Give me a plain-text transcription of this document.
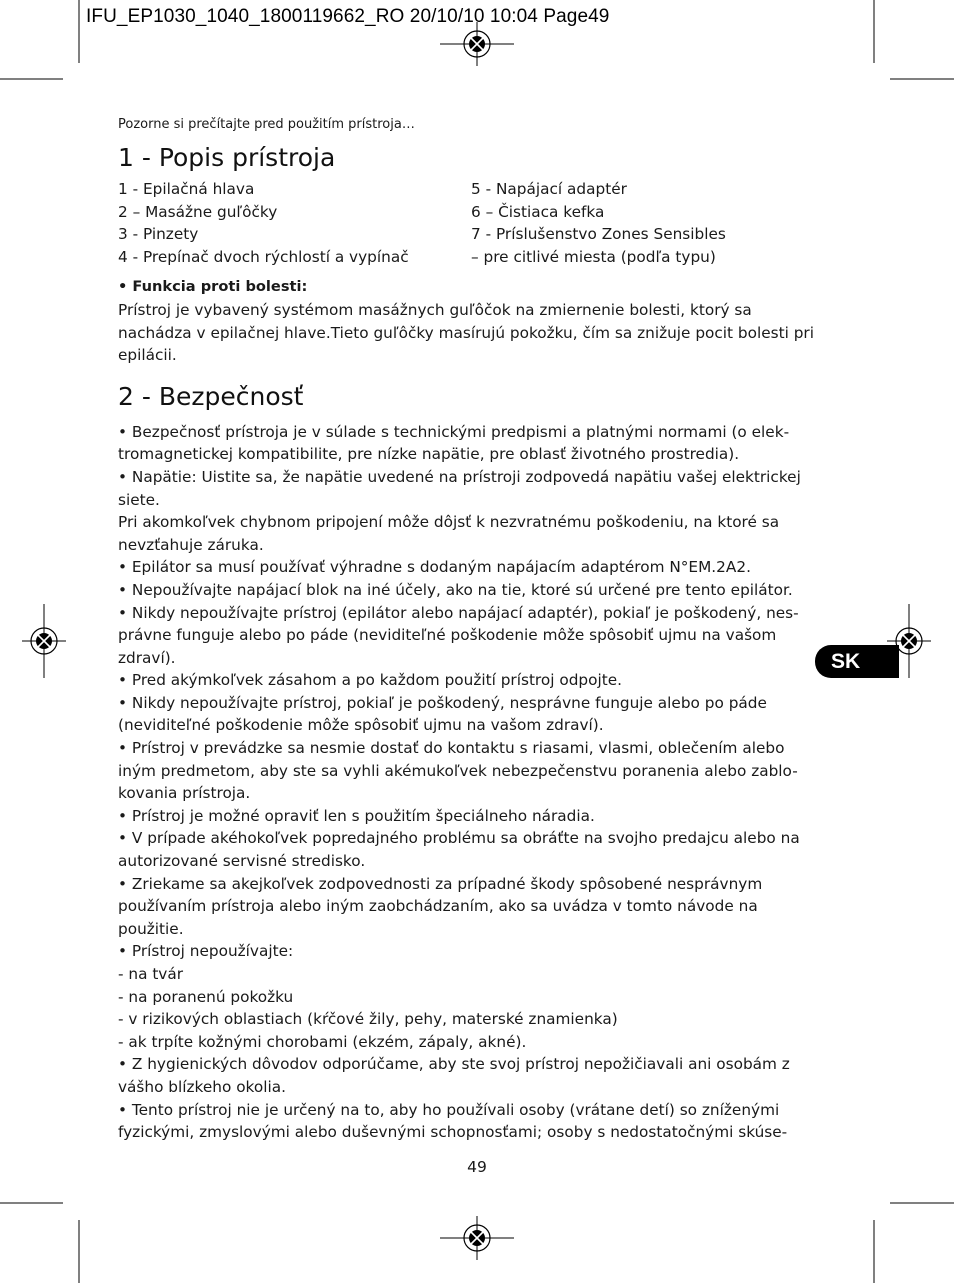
IFU_EP1030_1040_1800119662_RO 20/10/10 10:04 Page49
SK

Pozorne si prečítajte pred použitím prístroja…

1 - Popis prístroja
1 - Epilačná hlava	5 - Napájací adaptér
2 – Masážne guľôčky	6 – Čistiaca kefka
3 - Pinzety	7 - Príslušenstvo Zones Sensibles
4 - Prepínač dvoch rýchlostí a vypínač	– pre citlivé miesta (podľa typu)
• Funkcia proti bolesti:

Prístroj je vybavený systémom masážnych guľôčok na zmiernenie bolesti, ktorý sa nachádza v epilačnej hlave.Tieto guľôčky masírujú pokožku, čím sa znižuje pocit bolesti pri epilácii.

2 - Bezpečnosť

• Bezpečnosť prístroja je v súlade s technickými predpismi a platnými normami (o elek-tromagnetickej kompatibilite, pre nízke napätie, pre oblasť životného prostredia).

• Napätie: Uistite sa, že napätie uvedené na prístroji zodpovedá napätiu vašej elektrickej siete.

Pri akomkoľvek chybnom pripojení môže dôjsť k nezvratnému poškodeniu, na ktoré sa nevzťahuje záruka.

• Epilátor sa musí používať výhradne s dodaným napájacím adaptérom N°EM.2A2.

• Nepoužívajte napájací blok na iné účely, ako na tie, ktoré sú určené pre tento epilátor.

• Nikdy nepoužívajte prístroj (epilátor alebo napájací adaptér), pokiaľ je poškodený, nes-právne funguje alebo po páde (neviditeľné poškodenie môže spôsobiť ujmu na vašom zdraví).

• Pred akýmkoľvek zásahom a po každom použití prístroj odpojte.

• Nikdy nepoužívajte prístroj, pokiaľ je poškodený, nesprávne funguje alebo po páde (neviditeľné poškodenie môže spôsobiť ujmu na vašom zdraví).

• Prístroj v prevádzke sa nesmie dostať do kontaktu s riasami, vlasmi, oblečením alebo iným predmetom, aby ste sa vyhli akémukoľvek nebezpečenstvu poranenia alebo zablo-kovania prístroja.

• Prístroj je možné opraviť len s použitím špeciálneho náradia.

• V prípade akéhokoľvek popredajného problému sa obráťte na svojho predajcu alebo na autorizované servisné stredisko.

• Zriekame sa akejkoľvek zodpovednosti za prípadné škody spôsobené nesprávnym používaním prístroja alebo iným zaobchádzaním, ako sa uvádza v tomto návode na použitie.

• Prístroj nepoužívajte:

- na tvár

- na poranenú pokožku

- v rizikových oblastiach (kŕčové žily, pehy, materské znamienka)

- ak trpíte kožnými chorobami (ekzém, zápaly, akné).

• Z hygienických dôvodov odporúčame, aby ste svoj prístroj nepožičiavali ani osobám z vášho blízkeho okolia.

• Tento prístroj nie je určený na to, aby ho používali osoby (vrátane detí) so zníženými fyzickými, zmyslovými alebo duševnými schopnosťami; osoby s nedostatočnými skúse-

49
